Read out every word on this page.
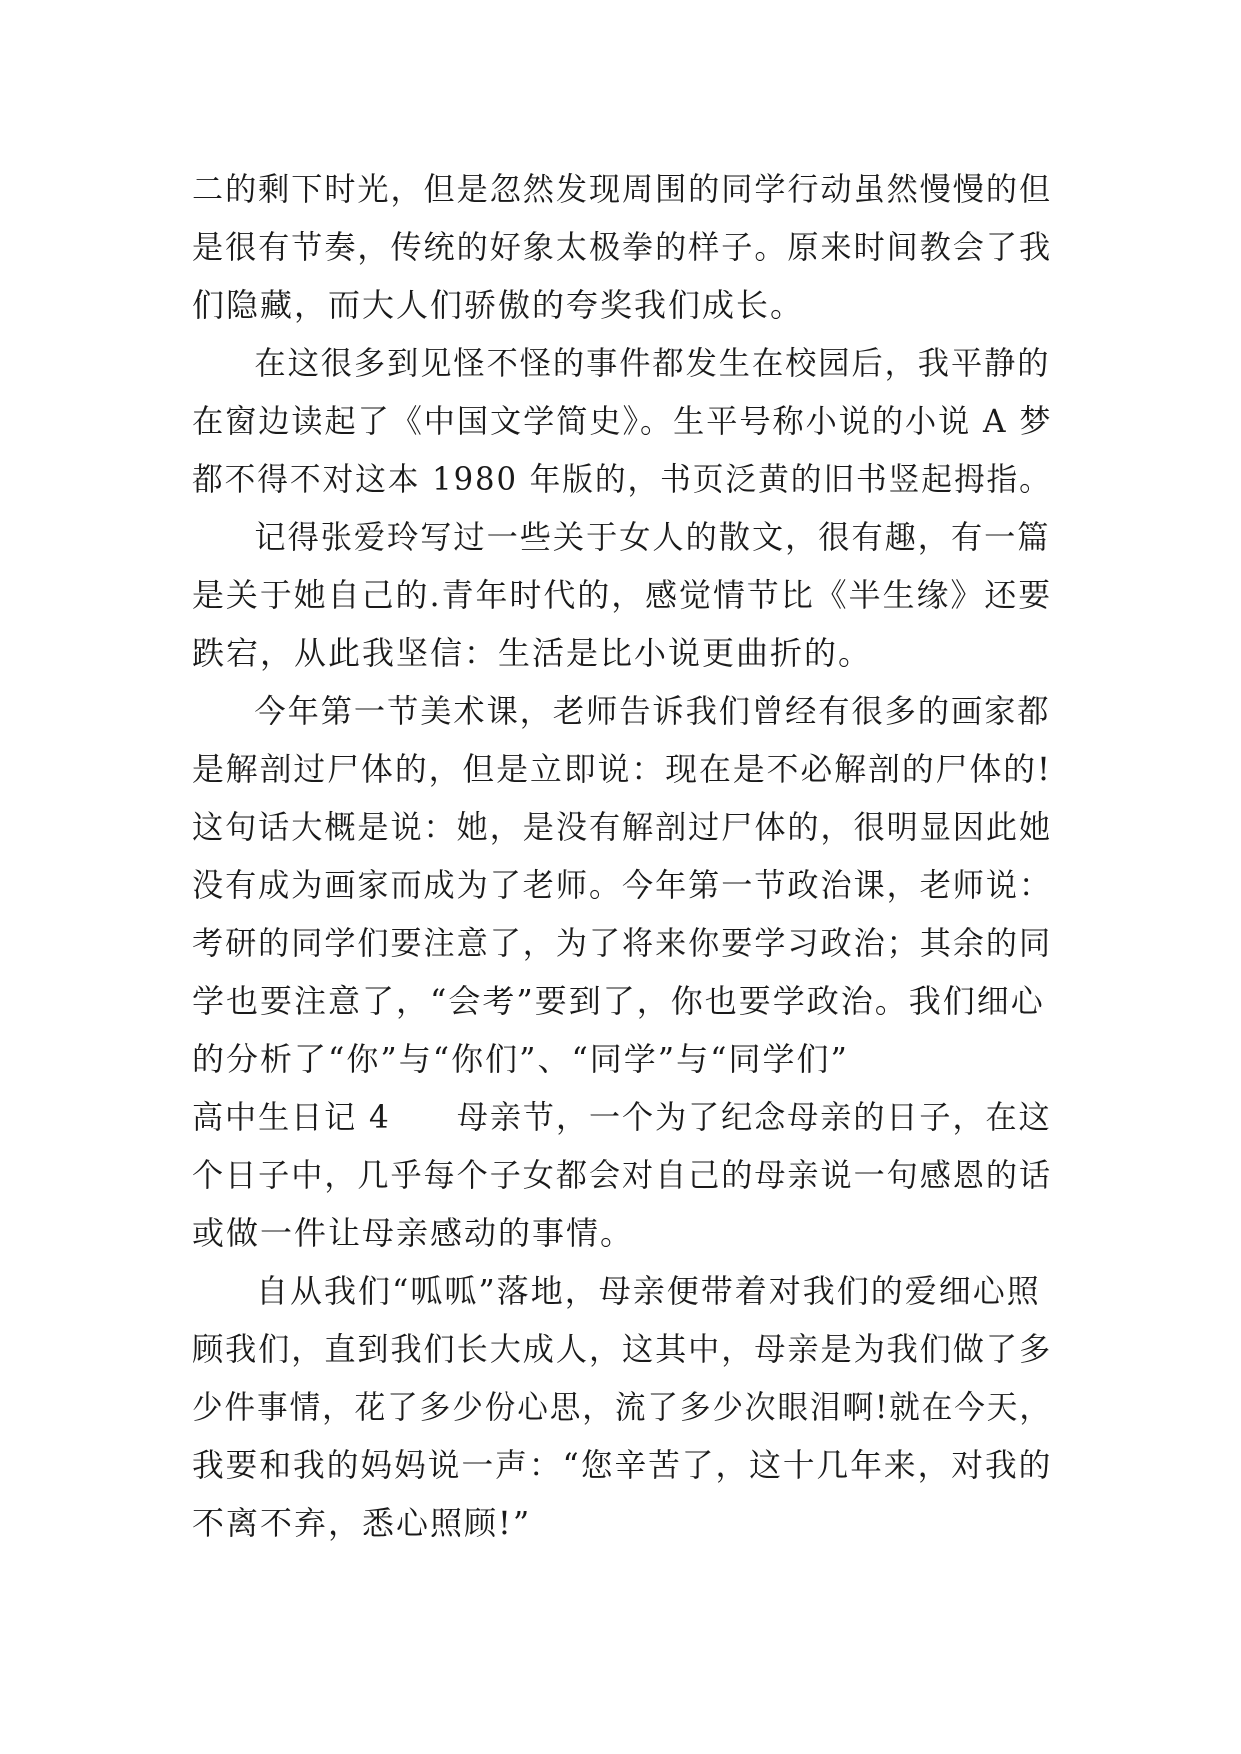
二的剩下时光，但是忽然发现周围的同学行动虽然慢慢的但
是很有节奏，传统的好象太极拳的样子。原来时间教会了我
们隐藏，而大人们骄傲的夸奖我们成长。
在这很多到见怪不怪的事件都发生在校园后，我平静的
在窗边读起了《中国文学简史》。生平号称小说的小说 A 梦
都不得不对这本 1980 年版的，书页泛黄的旧书竖起拇指。
记得张爱玲写过一些关于女人的散文，很有趣，有一篇
是关于她自己的.青年时代的，感觉情节比《半生缘》还要
跌宕，从此我坚信：生活是比小说更曲折的。
今年第一节美术课，老师告诉我们曾经有很多的画家都
是解剖过尸体的，但是立即说：现在是不必解剖的尸体的!
这句话大概是说：她，是没有解剖过尸体的，很明显因此她
没有成为画家而成为了老师。今年第一节政治课，老师说：
考研的同学们要注意了，为了将来你要学习政治；其余的同
学也要注意了，“会考”要到了，你也要学政治。我们细心
的分析了“你”与“你们”、“同学”与“同学们”
高中生日记 4　　母亲节，一个为了纪念母亲的日子，在这
个日子中，几乎每个子女都会对自己的母亲说一句感恩的话
或做一件让母亲感动的事情。
自从我们“呱呱”落地，母亲便带着对我们的爱细心照
顾我们，直到我们长大成人，这其中，母亲是为我们做了多
少件事情，花了多少份心思，流了多少次眼泪啊!就在今天，
我要和我的妈妈说一声：“您辛苦了，这十几年来，对我的
不离不弃，悉心照顾!”
